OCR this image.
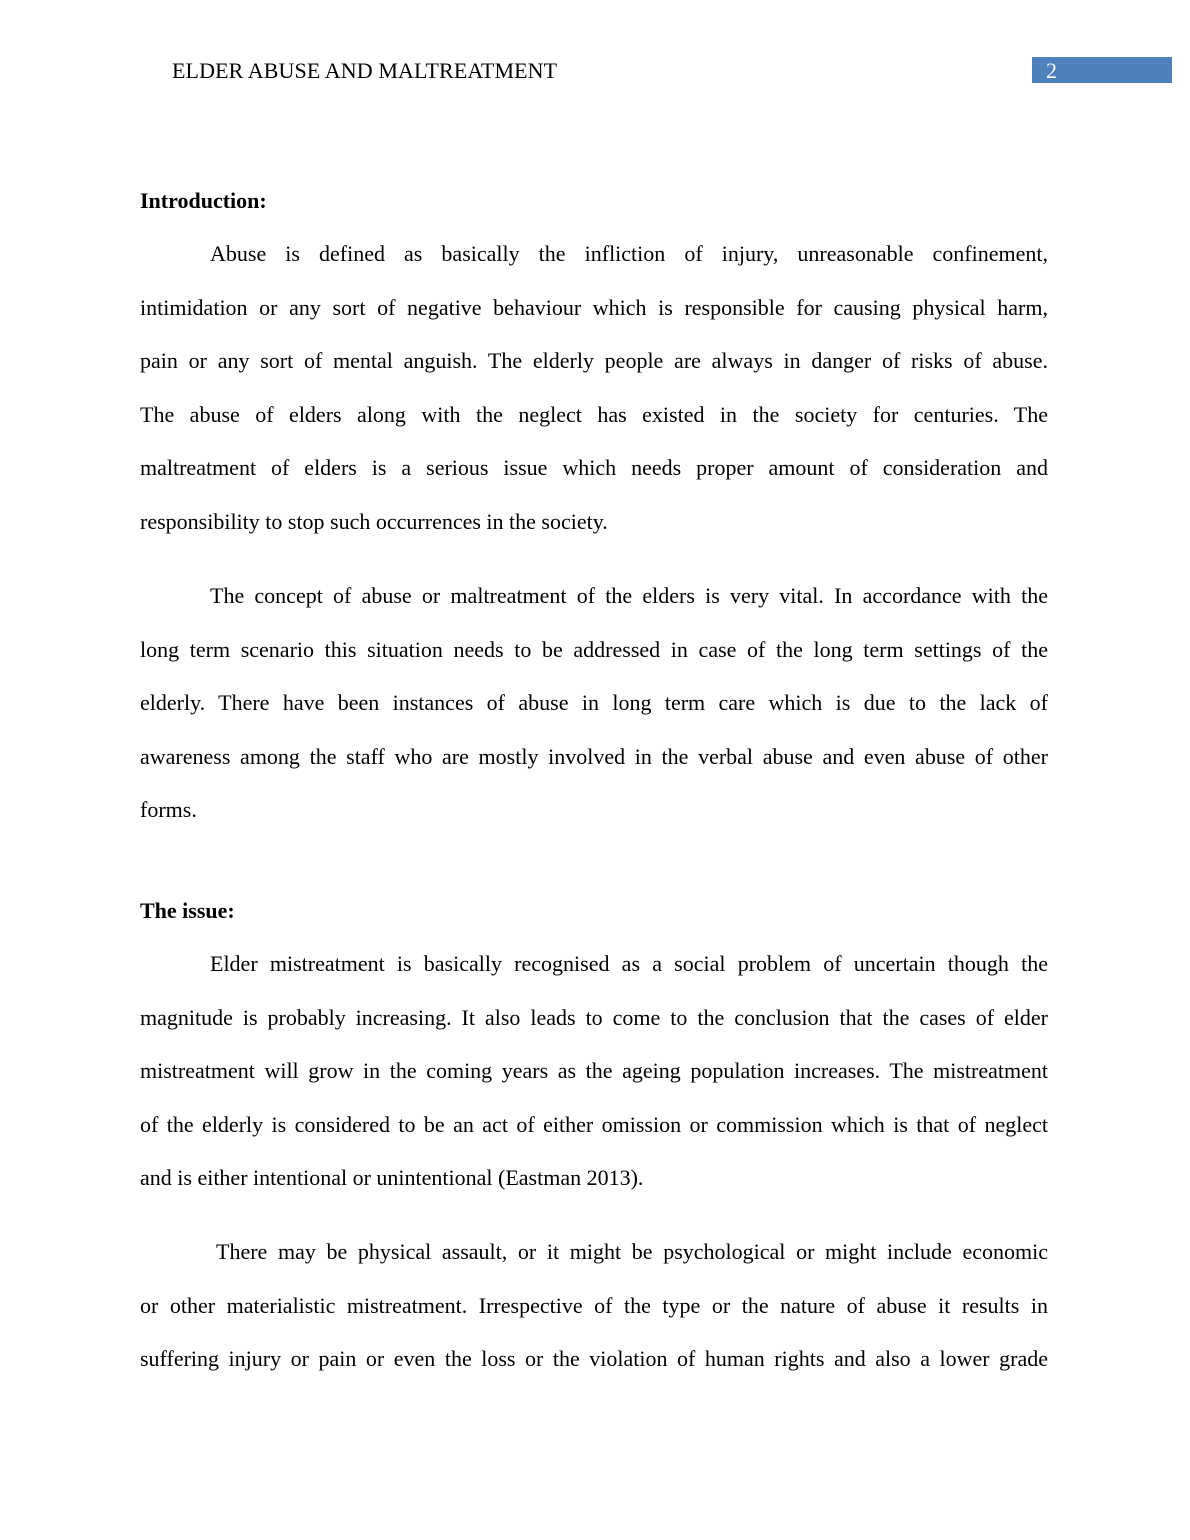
ELDER ABUSE AND MALTREATMENT	2
Introduction:
Abuse is defined as basically the infliction of injury, unreasonable confinement,
intimidation or any sort of negative behaviour which is responsible for causing physical harm,
pain or any sort of mental anguish. The elderly people are always in danger of risks of abuse.
The abuse of elders along with the neglect has existed in the society for centuries. The
maltreatment of elders is a serious issue which needs proper amount of consideration and
responsibility to stop such occurrences in the society.
The concept of abuse or maltreatment of the elders is very vital. In accordance with the
long term scenario this situation needs to be addressed in case of the long term settings of the
elderly. There have been instances of abuse in long term care which is due to the lack of
awareness among the staff who are mostly involved in the verbal abuse and even abuse of other
forms.
The issue:
Elder mistreatment is basically recognised as a social problem of uncertain though the
magnitude is probably increasing. It also leads to come to the conclusion that the cases of elder
mistreatment will grow in the coming years as the ageing population increases. The mistreatment
of the elderly is considered to be an act of either omission or commission which is that of neglect
and is either intentional or unintentional (Eastman 2013).
There may be physical assault, or it might be psychological or might include economic
or other materialistic mistreatment. Irrespective of the type or the nature of abuse it results in
suffering injury or pain or even the loss or the violation of human rights and also a lower grade
